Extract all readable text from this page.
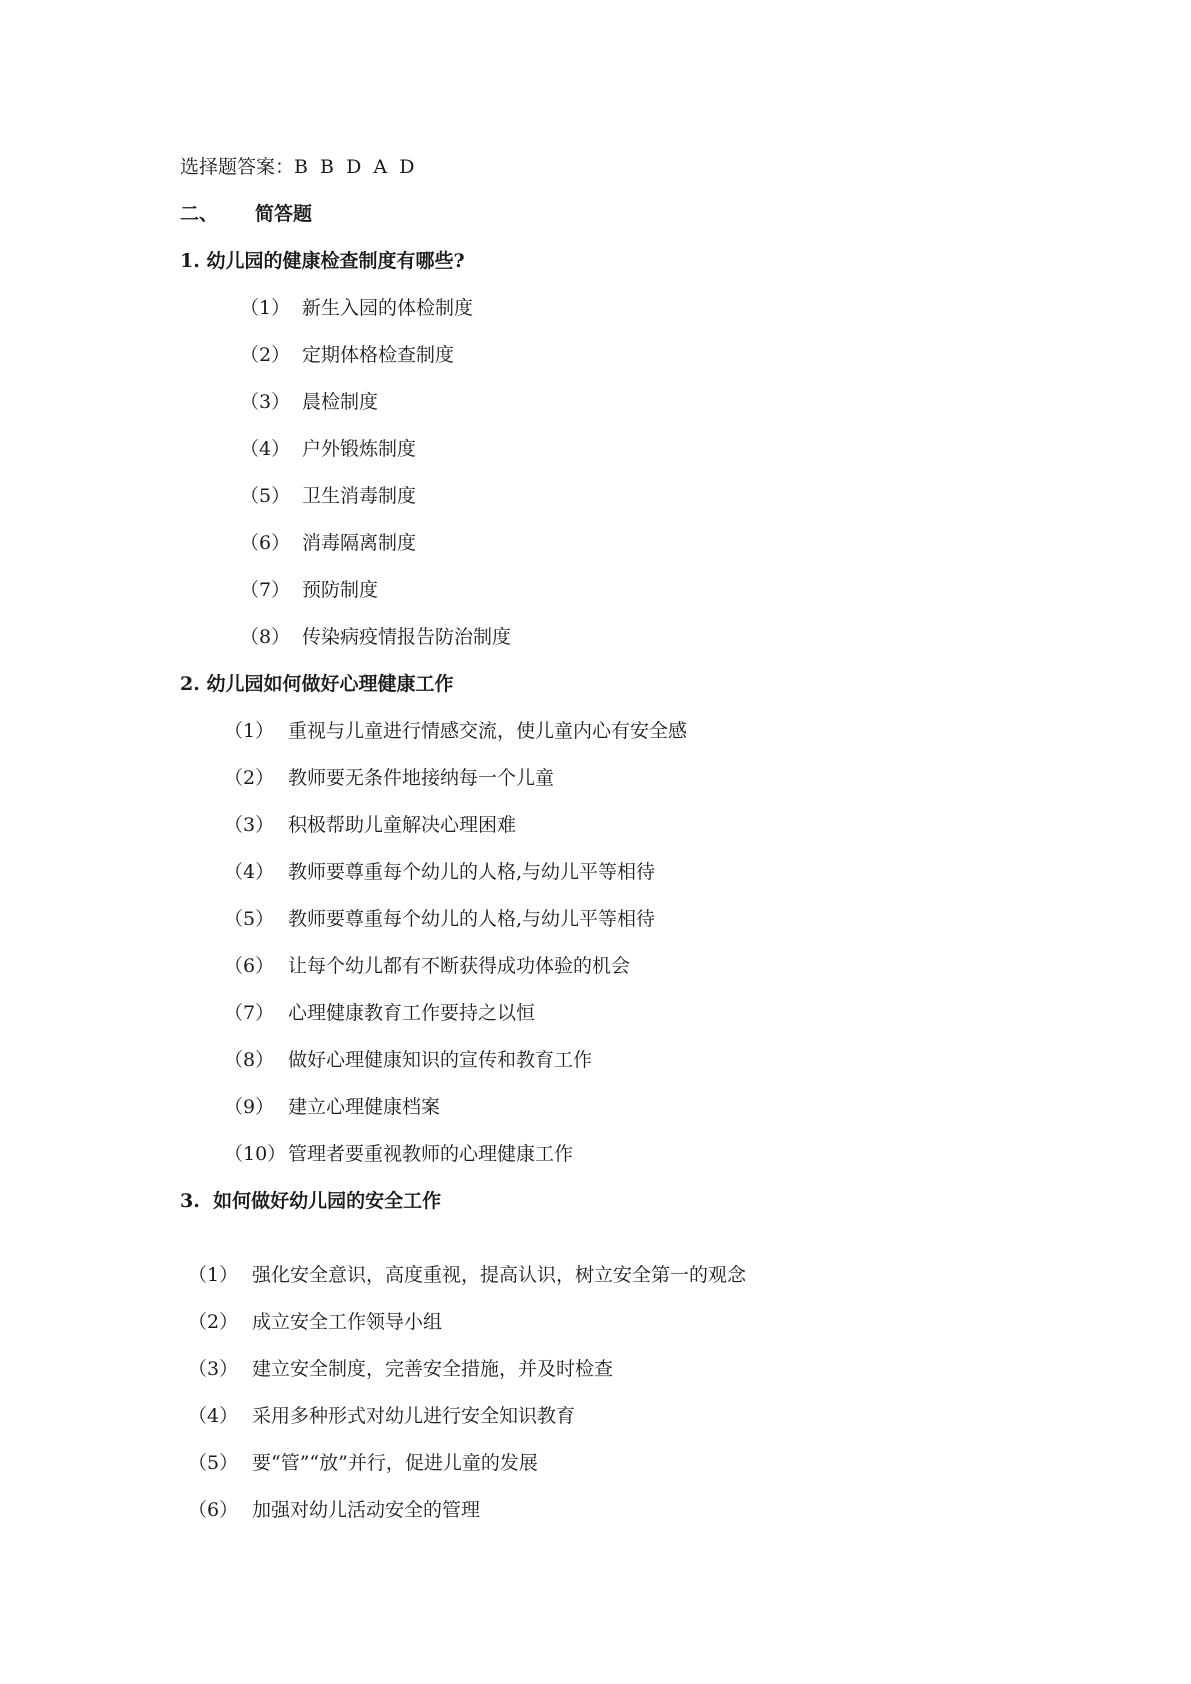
选择题答案：B  B  D  A  D
二、 简答题
1. 幼儿园的健康检查制度有哪些?
（1） 新生入园的体检制度
（2） 定期体格检查制度
（3） 晨检制度
（4） 户外锻炼制度
（5） 卫生消毒制度
（6） 消毒隔离制度
（7） 预防制度
（8） 传染病疫情报告防治制度
2. 幼儿园如何做好心理健康工作
（1） 重视与儿童进行情感交流，使儿童内心有安全感
（2） 教师要无条件地接纳每一个儿童
（3） 积极帮助儿童解决心理困难
（4） 教师要尊重每个幼儿的人格,与幼儿平等相待
（5） 教师要尊重每个幼儿的人格,与幼儿平等相待
（6） 让每个幼儿都有不断获得成功体验的机会
（7） 心理健康教育工作要持之以恒
（8） 做好心理健康知识的宣传和教育工作
（9） 建立心理健康档案
（10）管理者要重视教师的心理健康工作
3.  如何做好幼儿园的安全工作
（1） 强化安全意识，高度重视，提高认识，树立安全第一的观念
（2） 成立安全工作领导小组
（3） 建立安全制度，完善安全措施，并及时检查
（4） 采用多种形式对幼儿进行安全知识教育
（5） 要“管”“放”并行，促进儿童的发展
（6） 加强对幼儿活动安全的管理
